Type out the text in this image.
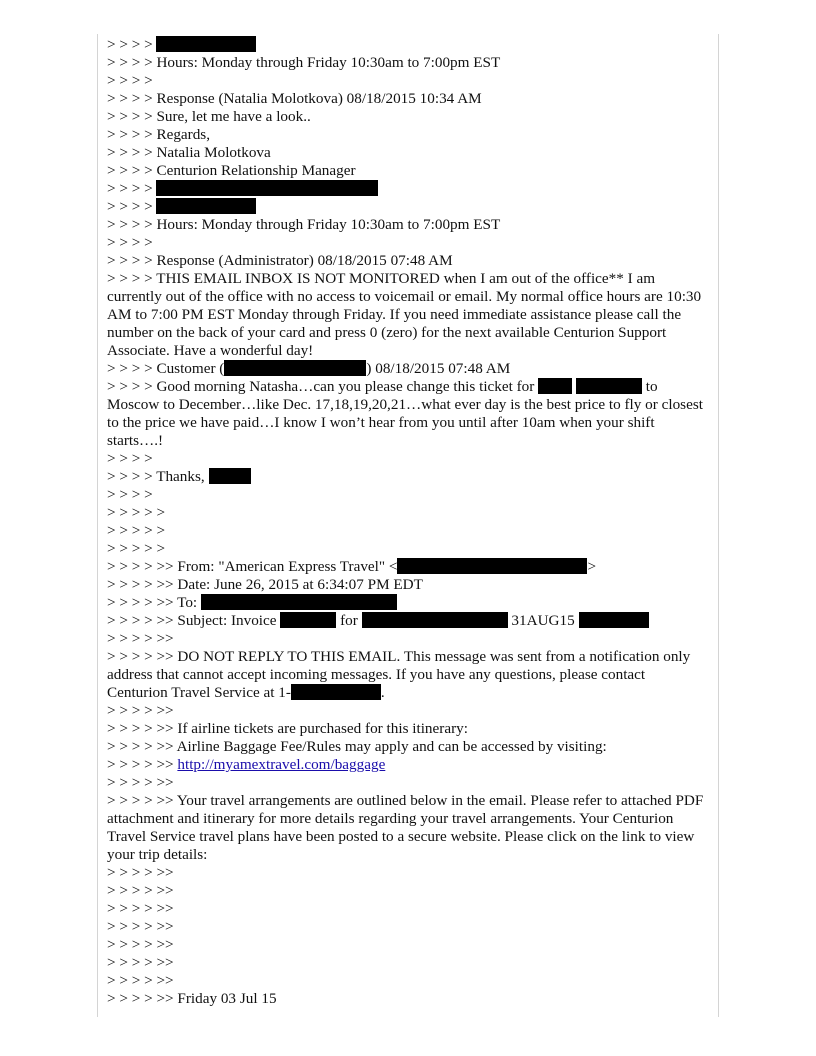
> > > >
> > > > Hours: Monday through Friday 10:30am to 7:00pm EST
> > > >
> > > > Response (Natalia Molotkova) 08/18/2015 10:34 AM
> > > > Sure, let me have a look..
> > > > Regards,
> > > > Natalia Molotkova
> > > > Centurion Relationship Manager
> > > >
> > > >
> > > > Hours: Monday through Friday 10:30am to 7:00pm EST
> > > >
> > > > Response (Administrator) 08/18/2015 07:48 AM
> > > > THIS EMAIL INBOX IS NOT MONITORED when I am out of the office** I am currently out of the office with no access to voicemail or email. My normal office hours are 10:30 AM to 7:00 PM EST Monday through Friday. If you need immediate assistance please call the number on the back of your card and press 0 (zero) for the next available Centurion Support Associate. Have a wonderful day!
> > > > Customer (	) 08/18/2015 07:48 AM
> > > > Good morning Natasha…can you please change this ticket for	to Moscow to December…like Dec. 17,18,19,20,21…what ever day is the best price to fly or closest to the price we have paid…I know I won’t hear from you until after 10am when your shift starts….!
> > > >
> > > > Thanks,
> > > >
> > > > >
> > > > >
> > > > >
> > > > >> From: "American Express Travel" <	>
> > > > >> Date: June 26, 2015 at 6:34:07 PM EDT
> > > > >> To:
> > > > >> Subject: Invoice	for	31AUG15
> > > > >>
> > > > >> DO NOT REPLY TO THIS EMAIL. This message was sent from a notification only address that cannot accept incoming messages. If you have any questions, please contact Centurion Travel Service at 1-	.
> > > > >>
> > > > >> If airline tickets are purchased for this itinerary:
> > > > >> Airline Baggage Fee/Rules may apply and can be accessed by visiting:
> > > > >> http://myamextravel.com/baggage
> > > > >>
> > > > >> Your travel arrangements are outlined below in the email. Please refer to attached PDF attachment and itinerary for more details regarding your travel arrangements. Your Centurion Travel Service travel plans have been posted to a secure website. Please click on the link to view your trip details:
> > > > >>
> > > > >>
> > > > >>
> > > > >>
> > > > >>
> > > > >>
> > > > >>
> > > > >> Friday 03 Jul 15
